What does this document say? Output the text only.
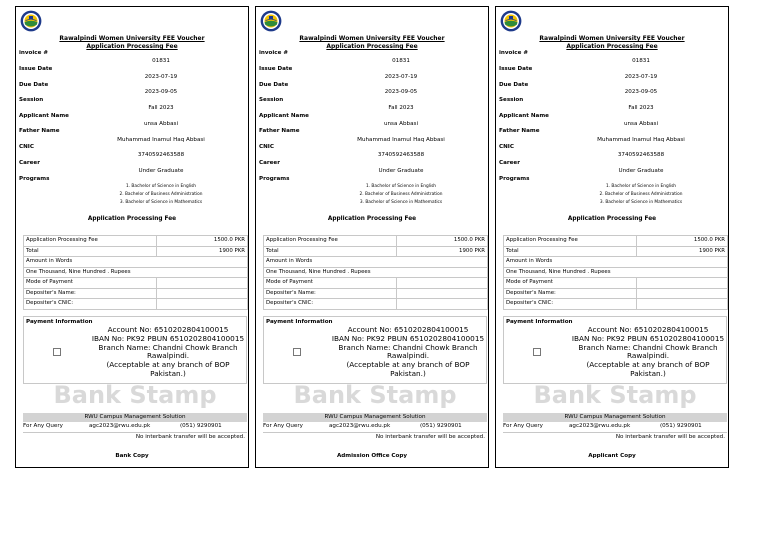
Rawalpindi Women University FEE Voucher
Application Processing Fee
invoice #
01831
Issue Date
2023-07-19
Due Date
2023-09-05
Session
Fall 2023
Applicant Name
unsa Abbasi
Father Name
Muhammad Inamul Haq Abbasi
CNIC
3740592463588
Career
Under Graduate
Programs
1. Bachelor of Science in English
2. Bachelor of Business Administration
3. Bachelor of Science in Mathematics
Application Processing Fee
Application Processing Fee	1500.0 PKR
Total	1900 PKR
Amount in Words	
One Thousand, Nine Hundred . Rupees	
Mode of Payment	
Depositer's Name:	
Depositer's CNIC:	
Payment Information
Account No: 6510202804100015
IBAN No: PK92 PBUN 6510202804100015
Branch Name: Chandni Chowk Branch Rawalpindi.
(Acceptable at any branch of BOP Pakistan.)
Bank Stamp
RWU Campus Management Solution
For Any Query	agc2023@rwu.edu.pk	(051) 9290901
No interbank transfer will be accepted.
Bank Copy
Rawalpindi Women University FEE Voucher
Application Processing Fee
invoice #
01831
Issue Date
2023-07-19
Due Date
2023-09-05
Session
Fall 2023
Applicant Name
unsa Abbasi
Father Name
Muhammad Inamul Haq Abbasi
CNIC
3740592463588
Career
Under Graduate
Programs
1. Bachelor of Science in English
2. Bachelor of Business Administration
3. Bachelor of Science in Mathematics
Application Processing Fee
Application Processing Fee	1500.0 PKR
Total	1900 PKR
Amount in Words	
One Thousand, Nine Hundred . Rupees	
Mode of Payment	
Depositer's Name:	
Depositer's CNIC:	
Payment Information
Account No: 6510202804100015
IBAN No: PK92 PBUN 6510202804100015
Branch Name: Chandni Chowk Branch Rawalpindi.
(Acceptable at any branch of BOP Pakistan.)
Bank Stamp
RWU Campus Management Solution
For Any Query	agc2023@rwu.edu.pk	(051) 9290901
No interbank transfer will be accepted.
Admission Office Copy
Rawalpindi Women University FEE Voucher
Application Processing Fee
invoice #
01831
Issue Date
2023-07-19
Due Date
2023-09-05
Session
Fall 2023
Applicant Name
unsa Abbasi
Father Name
Muhammad Inamul Haq Abbasi
CNIC
3740592463588
Career
Under Graduate
Programs
1. Bachelor of Science in English
2. Bachelor of Business Administration
3. Bachelor of Science in Mathematics
Application Processing Fee
Application Processing Fee	1500.0 PKR
Total	1900 PKR
Amount in Words	
One Thousand, Nine Hundred . Rupees	
Mode of Payment	
Depositer's Name:	
Depositer's CNIC:	
Payment Information
Account No: 6510202804100015
IBAN No: PK92 PBUN 6510202804100015
Branch Name: Chandni Chowk Branch Rawalpindi.
(Acceptable at any branch of BOP Pakistan.)
Bank Stamp
RWU Campus Management Solution
For Any Query	agc2023@rwu.edu.pk	(051) 9290901
No interbank transfer will be accepted.
Applicant Copy
